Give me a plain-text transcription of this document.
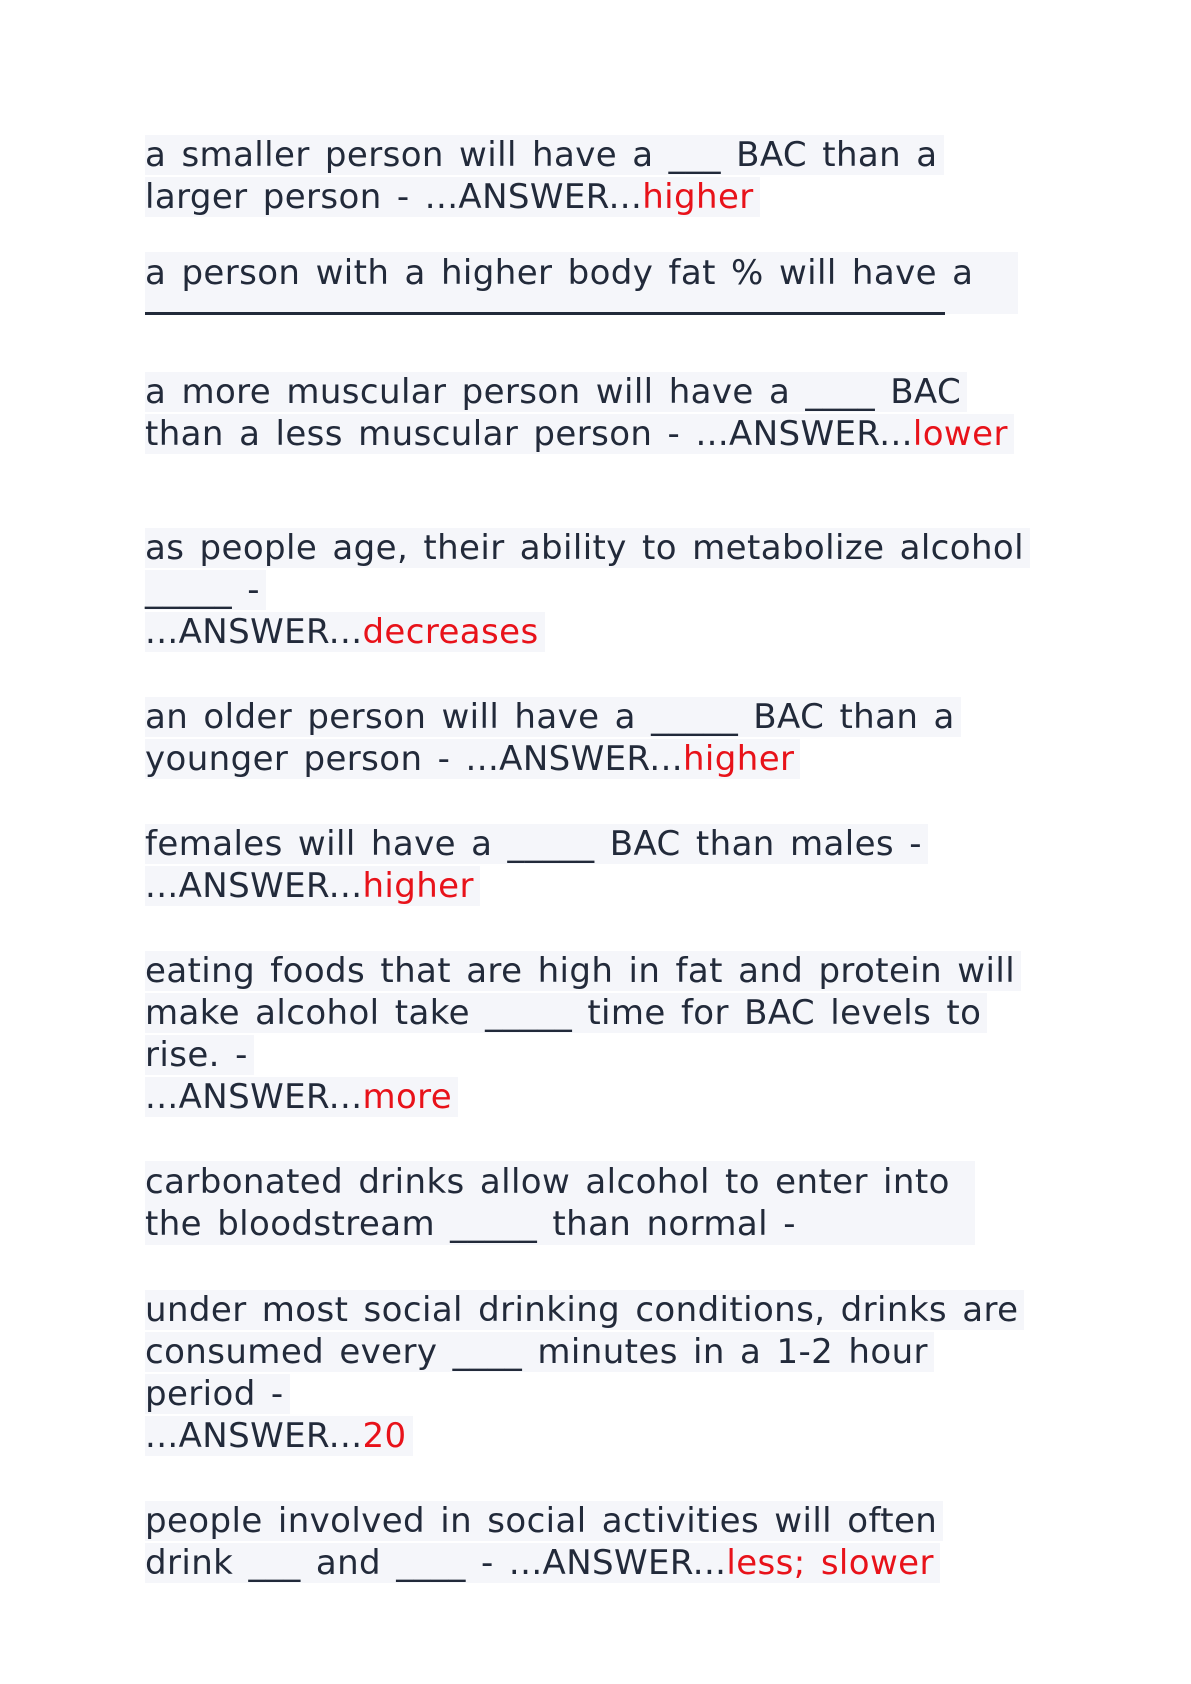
a smaller person will have a ___ BAC than a
larger person - ...ANSWER...higher
a person with a higher body fat % will have a
a more muscular person will have a ____ BAC
than a less muscular person - ...ANSWER...lower
as people age, their ability to metabolize alcohol
_____ -
...ANSWER...decreases
an older person will have a _____ BAC than a
younger person - ...ANSWER...higher
females will have a _____ BAC than males -
...ANSWER...higher
eating foods that are high in fat and protein will
make alcohol take _____ time for BAC levels to
rise. -
...ANSWER...more
carbonated drinks allow alcohol to enter into
the bloodstream _____ than normal -
under most social drinking conditions, drinks are
consumed every ____ minutes in a 1-2 hour
period -
...ANSWER...20
people involved in social activities will often
drink ___ and ____ - ...ANSWER...less; slower
